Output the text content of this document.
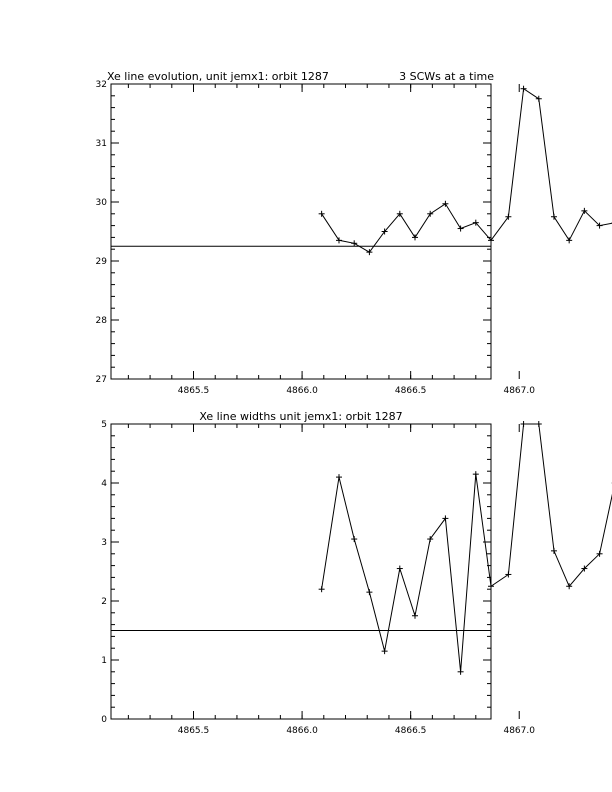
Xe line evolution, unit jemx1: orbit 1287	3 SCWs at a time
4865.5	4866.0	4866.5	4867.0
27
28
29
30
31
32
Xe line widths unit jemx1: orbit 1287
4865.5	4866.0	4866.5	4867.0
0
1
2
3
4
5
